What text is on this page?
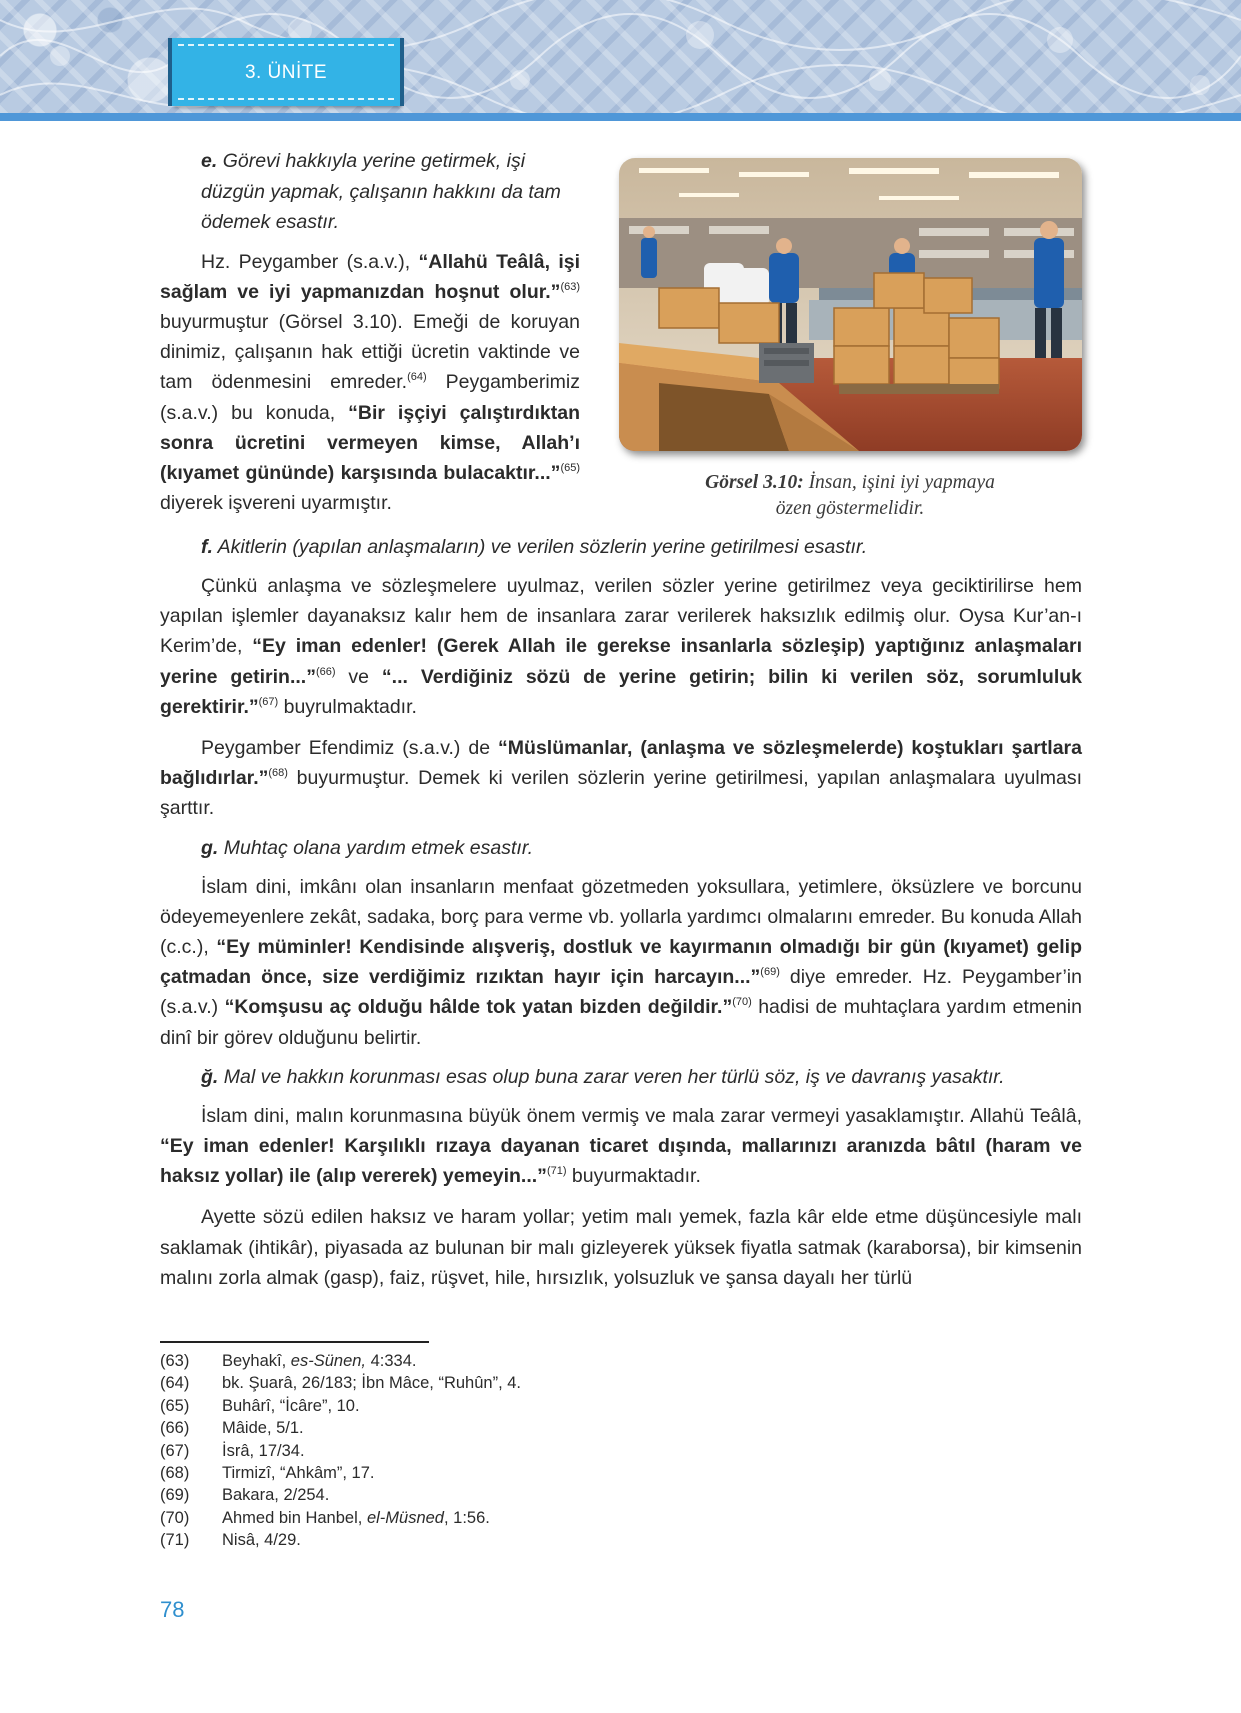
3. ÜNİTE

e. Görevi hakkıyla yerine getirmek, işi düzgün yapmak, çalışanın hakkını da tam ödemek esastır.

Hz. Peygamber (s.a.v.), “Allahü Teâlâ, işi sağlam ve iyi yapmanızdan hoşnut olur.”$^{(63)}$ buyurmuştur (Görsel 3.10). Emeği de koruyan dinimiz, çalışanın hak ettiği ücretin vaktinde ve tam ödenmesini emreder.$^{(64)}$ Peygamberimiz (s.a.v.) bu konuda, “Bir işçiyi çalıştırdıktan sonra ücretini vermeyen kimse, Allah’ı (kıyamet gününde) karşısında bulacaktır...”$^{(65)}$ diyerek işvereni uyarmıştır.

Görsel 3.10: İnsan, işini iyi yapmaya
özen göstermelidir.

f. Akitlerin (yapılan anlaşmaların) ve verilen sözlerin yerine getirilmesi esastır.

Çünkü anlaşma ve sözleşmelere uyulmaz, verilen sözler yerine getirilmez veya geciktirilirse hem yapılan işlemler dayanaksız kalır hem de insanlara zarar verilerek haksızlık edilmiş olur. Oysa Kur’an-ı Kerim’de, “Ey iman edenler! (Gerek Allah ile gerekse insanlarla sözleşip) yaptığınız anlaşmaları yerine getirin...”$^{(66)}$ ve “... Verdiğiniz sözü de yerine getirin; bilin ki verilen söz, sorumluluk gerektirir.”$^{(67)}$ buyrulmaktadır.

Peygamber Efendimiz (s.a.v.) de “Müslümanlar, (anlaşma ve sözleşmelerde) koştukları şartlara bağlıdırlar.”$^{(68)}$ buyurmuştur. Demek ki verilen sözlerin yerine getirilmesi, yapılan anlaşmalara uyulması şarttır.

g. Muhtaç olana yardım etmek esastır.

İslam dini, imkânı olan insanların menfaat gözetmeden yoksullara, yetimlere, öksüzlere ve borcunu ödeyemeyenlere zekât, sadaka, borç para verme vb. yollarla yardımcı olmalarını emreder. Bu konuda Allah (c.c.), “Ey müminler! Kendisinde alışveriş, dostluk ve kayırmanın olmadığı bir gün (kıyamet) gelip çatmadan önce, size verdiğimiz rızıktan hayır için harcayın...”$^{(69)}$ diye emreder. Hz. Peygamber’in (s.a.v.) “Komşusu aç olduğu hâlde tok yatan bizden değildir.”$^{(70)}$ hadisi de muhtaçlara yardım etmenin dinî bir görev olduğunu belirtir.

ğ. Mal ve hakkın korunması esas olup buna zarar veren her türlü söz, iş ve davranış yasaktır.

İslam dini, malın korunmasına büyük önem vermiş ve mala zarar vermeyi yasaklamıştır. Allahü Teâlâ, “Ey iman edenler! Karşılıklı rızaya dayanan ticaret dışında, mallarınızı aranızda bâtıl (haram ve haksız yollar) ile (alıp vererek) yemeyin...”$^{(71)}$ buyurmaktadır.

Ayette sözü edilen haksız ve haram yollar; yetim malı yemek, fazla kâr elde etme düşüncesiyle malı saklamak (ihtikâr), piyasada az bulunan bir malı gizleyerek yüksek fiyatla satmak (karaborsa), bir kimsenin malını zorla almak (gasp), faiz, rüşvet, hile, hırsızlık, yolsuzluk ve şansa dayalı her türlü

(63)	Beyhakî, es-Sünen, 4:334.
(64)	bk. Şuarâ, 26/183; İbn Mâce, “Ruhûn”, 4.
(65)	Buhârî, “İcâre”, 10.
(66)	Mâide, 5/1.
(67)	İsrâ, 17/34.
(68)	Tirmizî, “Ahkâm”, 17.
(69)	Bakara, 2/254.
(70)	Ahmed bin Hanbel, el-Müsned, 1:56.
(71)	Nisâ, 4/29.
78
